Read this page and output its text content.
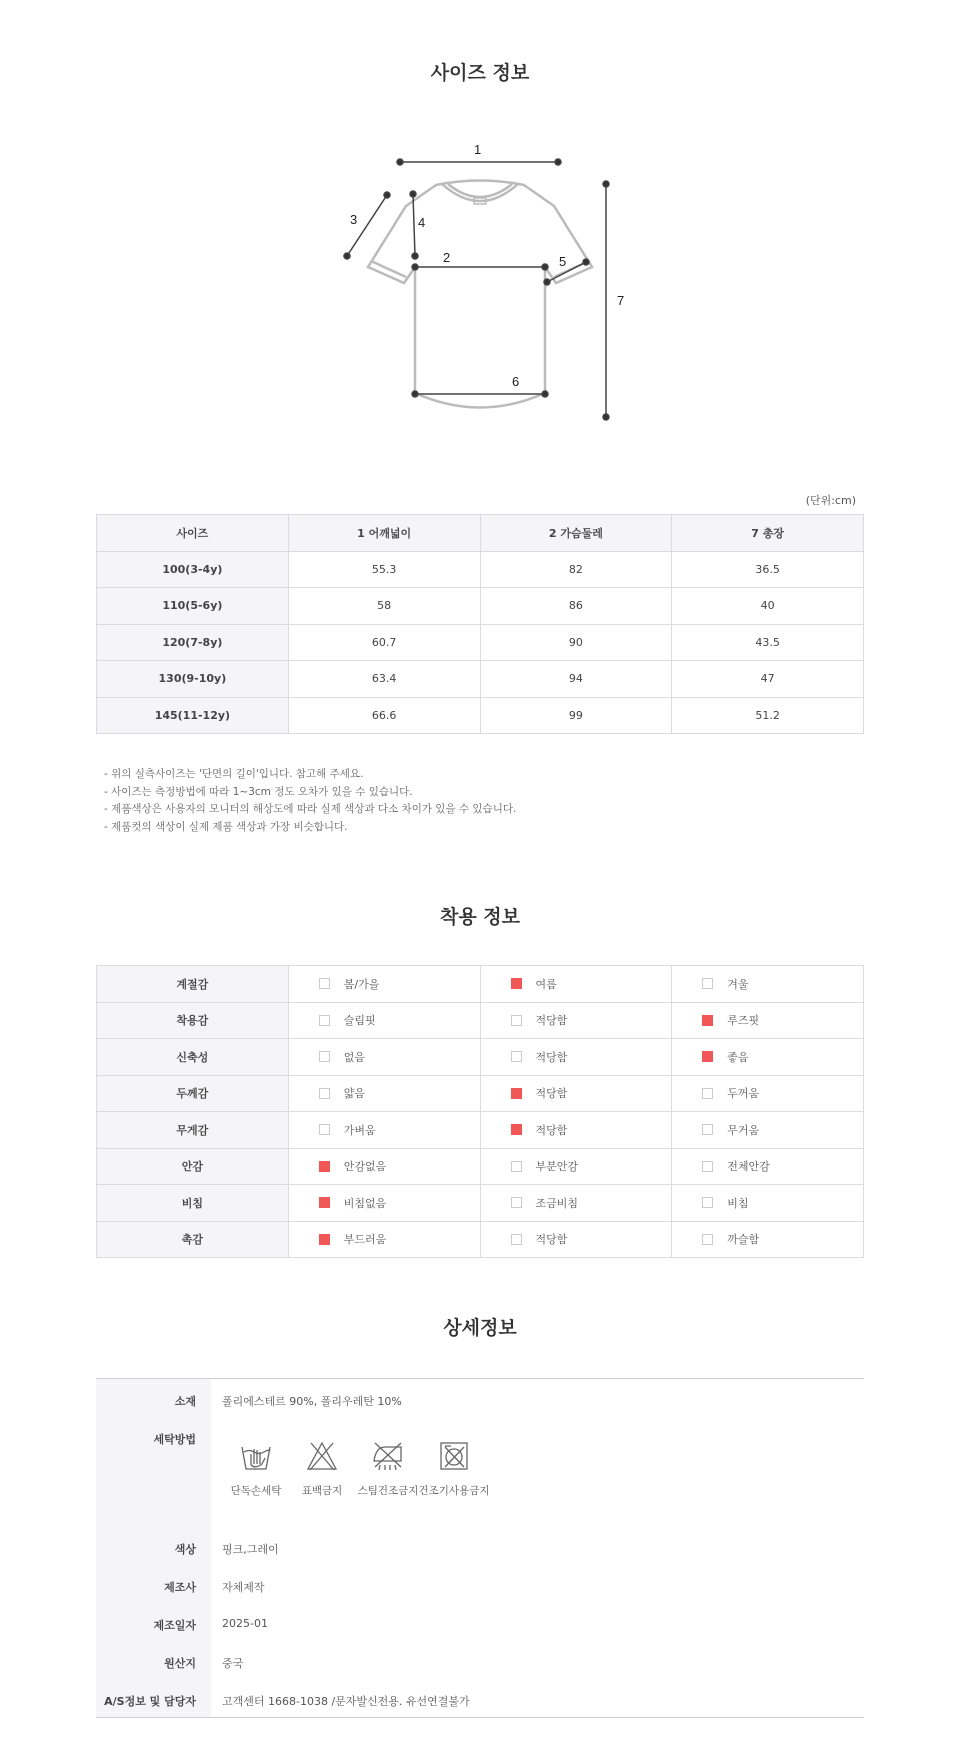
사이즈 정보
1
2
3	4
5
6
7
(단위:cm)
사이즈	1 어깨넓이	2 가슴둘레	7 총장
100(3-4y)	55.3	82	36.5
110(5-6y)	58	86	40
120(7-8y)	60.7	90	43.5
130(9-10y)	63.4	94	47
145(11-12y)	66.6	99	51.2
- 위의 실측사이즈는 '단면의 길이'입니다. 참고해 주세요.
- 사이즈는 측정방법에 따라 1~3cm 정도 오차가 있을 수 있습니다.
- 제품색상은 사용자의 모니터의 해상도에 따라 실제 색상과 다소 차이가 있을 수 있습니다.
- 제품컷의 색상이 실제 제품 색상과 가장 비슷합니다.
착용 정보
계절감	봄/가을	여름	겨울
착용감	슬림핏	적당함	루즈핏
신축성	없음	적당함	좋음
두께감	얇음	적당함	두꺼움
무게감	가벼움	적당함	무거움
안감	안감없음	부분안감	전체안감
비침	비침없음	조금비침	비침
촉감	부드러움	적당함	까슬함
상세정보
소재 폴리에스테르 90%, 폴리우레탄 10%
세탁방법
단독손세탁	표백금지	스팀건조금지 건조기사용금지
색상 핑크,그레이
제조사 자체제작
제조일자 2025-01
원산지 중국
A/S정보 및 담당자 고객센터 1668-1038 /문자발신전용. 유선연결불가
